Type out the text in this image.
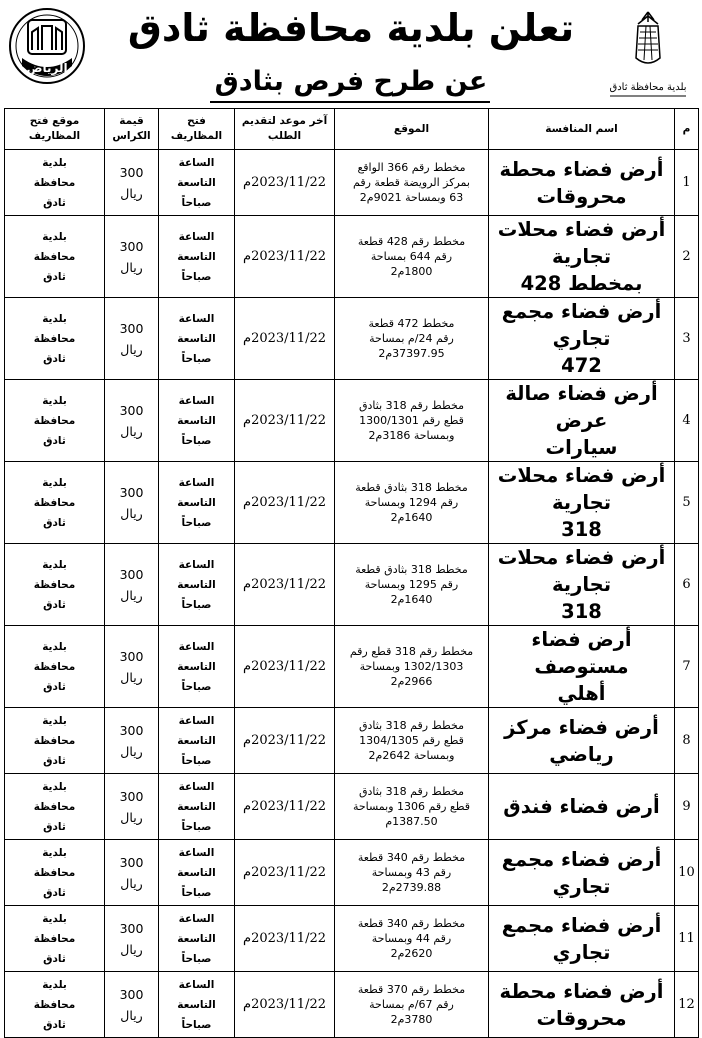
تعلن بلدية محافظة ثادق
عن طرح فرص بثادق
الرياض
بلدية محافظة ثادق
م	اسم المنافسة	الموقع	آخر موعد لتقديم الطلب	فتح المظاريف	قيمة الكراس	موقع فتح المظاريف
1	أرض فضاء محطة
محروقات	مخطط رقم 366 الواقع
بمركز الرويضة قطعة رقم
63 وبمساحة 9021م2	2023/11/22م	الساعة
التاسعة
صباحاً	300
ريال	بلدية
محافظة
ثادق

2	أرض فضاء محلات تجارية
بمخطط 428	مخطط رقم 428 قطعة
رقم 644 بمساحة
1800م2	2023/11/22م	الساعة
التاسعة
صباحاً	300
ريال	بلدية
محافظة
ثادق

3	أرض فضاء مجمع تجاري
472	مخطط 472 قطعة
رقم 24/م بمساحة
37397.95م2	2023/11/22م	الساعة
التاسعة
صباحاً	300
ريال	بلدية
محافظة
ثادق

4	أرض فضاء صالة عرض
سيارات	مخطط رقم 318 بثادق
قطع رقم 1300/1301
وبمساحة 3186م2	2023/11/22م	الساعة
التاسعة
صباحاً	300
ريال	بلدية
محافظة
ثادق

5	أرض فضاء محلات تجارية
318	مخطط 318 بثادق قطعة
رقم 1294 وبمساحة
1640م2	2023/11/22م	الساعة
التاسعة
صباحاً	300
ريال	بلدية
محافظة
ثادق

6	أرض فضاء محلات تجارية
318	مخطط 318 بثادق قطعة
رقم 1295 وبمساحة
1640م2	2023/11/22م	الساعة
التاسعة
صباحاً	300
ريال	بلدية
محافظة
ثادق

7	أرض فضاء مستوصف
أهلي	مخطط رقم 318 قطع رقم
1302/1303 وبمساحة
2966م2	2023/11/22م	الساعة
التاسعة
صباحاً	300
ريال	بلدية
محافظة
ثادق

8	أرض فضاء مركز رياضي	مخطط رقم 318 بثادق
قطع رقم 1304/1305
وبمساحة 2642م2	2023/11/22م	الساعة
التاسعة
صباحاً	300
ريال	بلدية
محافظة
ثادق

9	أرض فضاء فندق	مخطط رقم 318 بثادق
قطع رقم 1306 وبمساحة
1387.50م	2023/11/22م	الساعة
التاسعة
صباحاً	300
ريال	بلدية
محافظة
ثادق

10	أرض فضاء مجمع تجاري	مخطط رقم 340 قطعة
رقم 43 وبمساحة
2739.88م2	2023/11/22م	الساعة
التاسعة
صباحاً	300
ريال	بلدية
محافظة
ثادق

11	أرض فضاء مجمع تجاري	مخطط رقم 340 قطعة
رقم 44 وبمساحة
2620م2	2023/11/22م	الساعة
التاسعة
صباحاً	300
ريال	بلدية
محافظة
ثادق

12	أرض فضاء محطة
محروقات	مخطط رقم 370 قطعة
رقم 67/م بمساحة
3780م2	2023/11/22م	الساعة
التاسعة
صباحاً	300
ريال	بلدية
محافظة
ثادق
